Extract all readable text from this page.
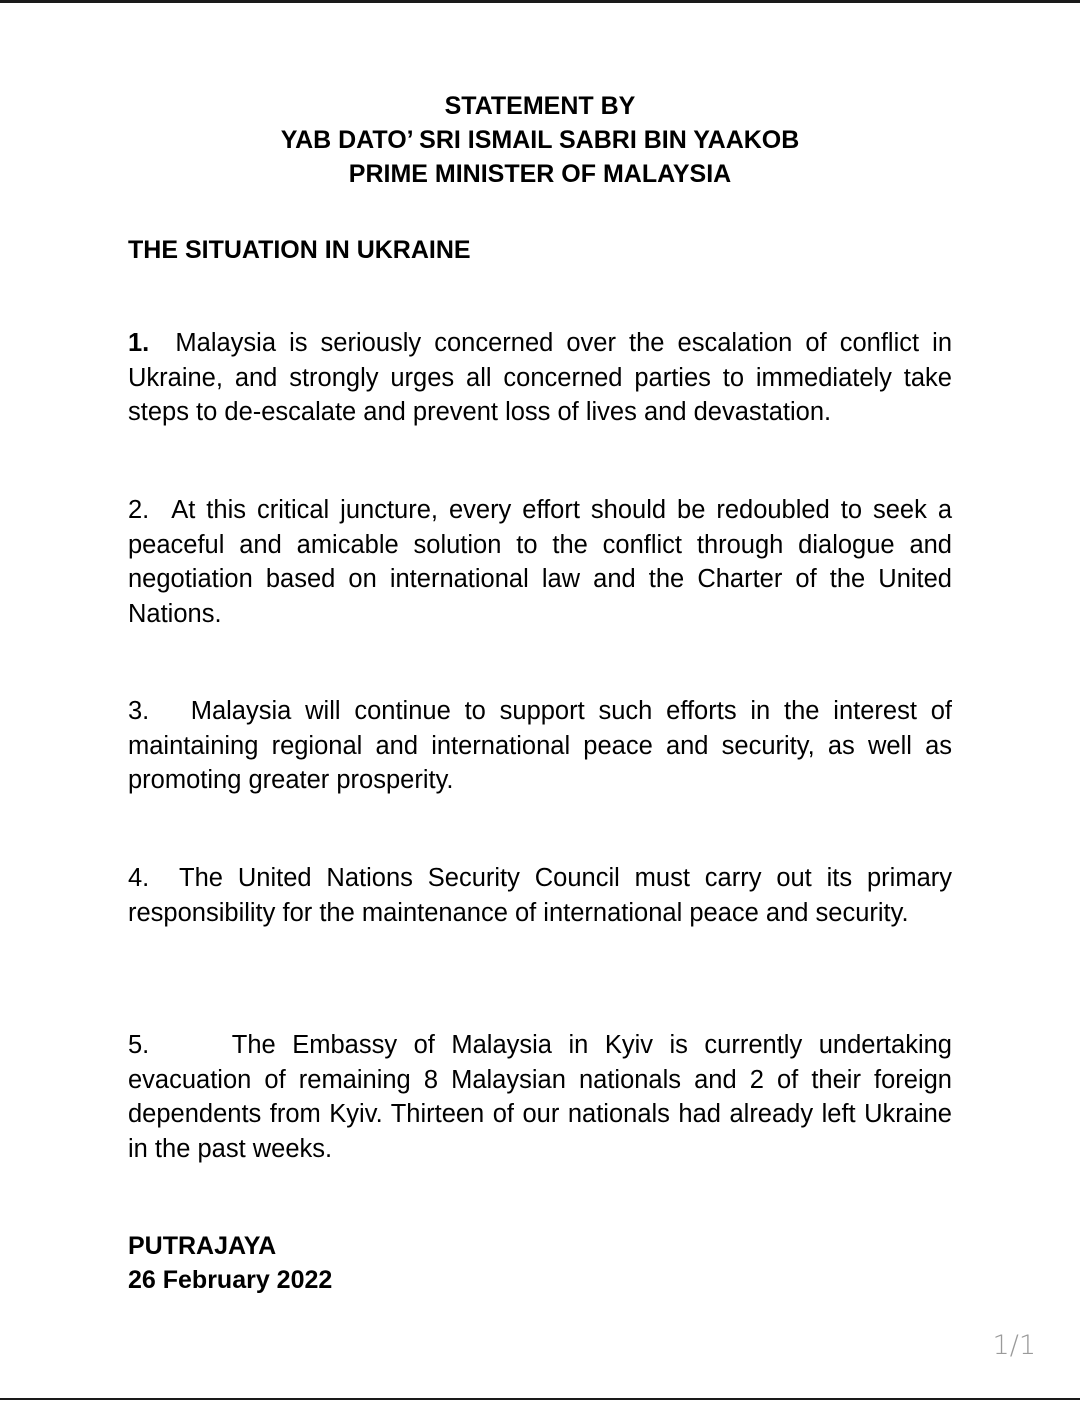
STATEMENT BY
YAB DATO’ SRI ISMAIL SABRI BIN YAAKOB
PRIME MINISTER OF MALAYSIA
THE SITUATION IN UKRAINE
1. Malaysia is seriously concerned over the escalation of conflict in Ukraine, and strongly urges all concerned parties to immediately take steps to de-escalate and prevent loss of lives and devastation.
2. At this critical juncture, every effort should be redoubled to seek a peaceful and amicable solution to the conflict through dialogue and negotiation based on international law and the Charter of the United Nations.
3. Malaysia will continue to support such efforts in the interest of maintaining regional and international peace and security, as well as promoting greater prosperity.
4. The United Nations Security Council must carry out its primary responsibility for the maintenance of international peace and security.
5.	The Embassy of Malaysia in Kyiv is currently undertaking evacuation of remaining 8 Malaysian nationals and 2 of their foreign dependents from Kyiv. Thirteen of our nationals had already left Ukraine in the past weeks.
PUTRAJAYA
26 February 2022
1/1
